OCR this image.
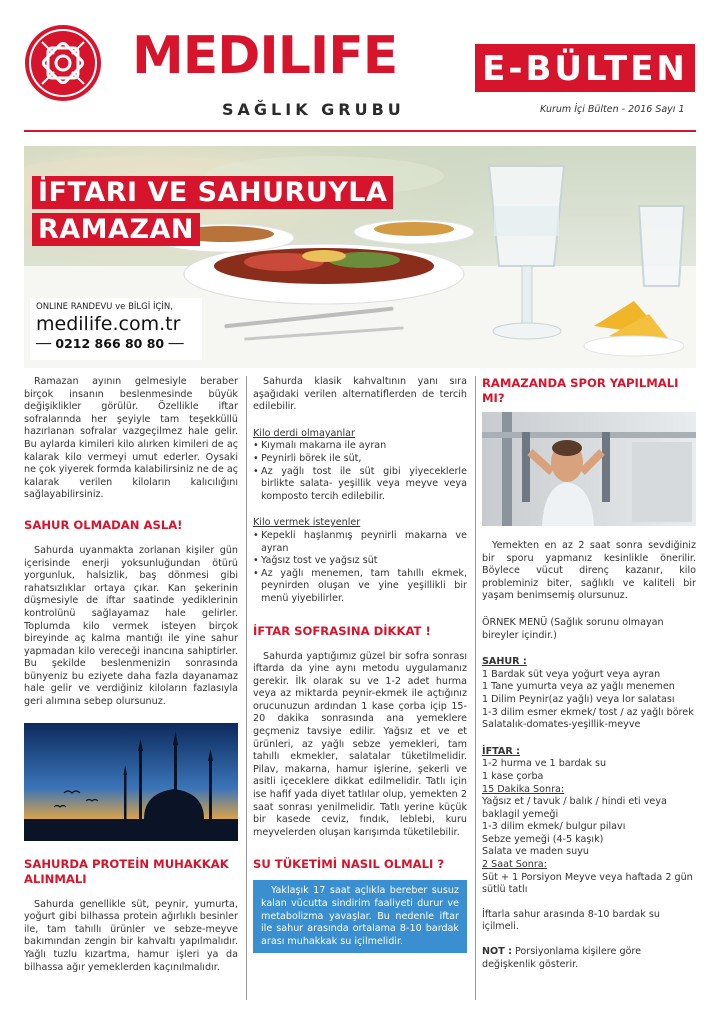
MEDILIFE
SAĞLIK GRUBU
E-BÜLTEN
Kurum İçi Bülten - 2016 Sayı 1
İFTARI VE SAHURUYLA
RAMAZAN
ONLINE RANDEVU ve BİLGİ İÇİN,
medilife.com.tr
── 0212 866 80 80 ──

Ramazan ayının gelmesiyle beraber birçok insanın beslenmesinde büyük değişiklikler görülür. Özellikle iftar sofralarında her şeyiyle tam teşekküllü hazırlanan sofralar vazgeçilmez hale gelir. Bu aylarda kimileri kilo alırken kimileri de aç kalarak kilo vermeyi umut ederler. Oysaki ne çok yiyerek formda kalabilirsiniz ne de aç kalarak verilen kiloların kalıcılığını sağlayabilirsiniz.

SAHUR OLMADAN ASLA!

Sahurda uyanmakta zorlanan kişiler gün içerisinde enerji yoksunluğundan ötürü yorgunluk, halsizlik, baş dönmesi gibi rahatsızlıklar ortaya çıkar. Kan şekerinin düşmesiyle de iftar saatinde yediklerinin kontrolünü sağlayamaz hale gelirler. Toplumda kilo vermek isteyen birçok bireyinde aç kalma mantığı ile yine sahur yapmadan kilo vereceği inancına sahiptirler. Bu şekilde beslenmenizin sonrasında bünyeniz bu eziyete daha fazla dayanamaz hale gelir ve verdiğiniz kiloların fazlasıyla geri alımına sebep olursunuz.

SAHURDA PROTEİN MUHAKKAK ALINMALI

Sahurda genellikle süt, peynir, yumurta, yoğurt gibi bilhassa protein ağırlıklı besinler ile, tam tahıllı ürünler ve sebze-meyve bakımından zengin bir kahvaltı yapılmalıdır. Yağlı tuzlu kızartma, hamur işleri ya da bilhassa ağır yemeklerden kaçınılmalıdır.

Sahurda klasik kahvaltının yanı sıra aşağıdaki verilen alternatiflerden de tercih edilebilir.

Kilo derdi olmayanlar
• Kıymalı makarna ile ayran
• Peynirli börek ile süt,
• Az yağlı tost ile süt gibi yiyeceklerle birlikte salata- yeşillik veya meyve veya komposto tercih edilebilir.
Kilo vermek isteyenler
• Kepekli haşlanmış peynirli makarna ve ayran
• Yağsız tost ve yağsız süt
• Az yağlı menemen, tam tahıllı ekmek, peynirden oluşan ve yine yeşillikli bir menü yiyebilirler.
İFTAR SOFRASINA DİKKAT !

Sahurda yaptığımız güzel bir sofra sonrası iftarda da yine aynı metodu uygulamanız gerekir. İlk olarak su ve 1-2 adet hurma veya az miktarda peynir-ekmek ile açtığınız orucunuzun ardından 1 kase çorba içip 15-20 dakika sonrasında ana yemeklere geçmeniz tavsiye edilir. Yağsız et ve et ürünleri, az yağlı sebze yemekleri, tam tahıllı ekmekler, salatalar tüketilmelidir. Pilav, makarna, hamur işlerine, şekerli ve asitli içeceklere dikkat edilmelidir. Tatlı için ise hafif yada diyet tatlılar olup, yemekten 2 saat sonrası yenilmelidir. Tatlı yerine küçük bir kasede ceviz, fındık, leblebi, kuru meyvelerden oluşan karışımda tüketilebilir.

SU TÜKETİMİ NASIL OLMALI ?

Yaklaşık 17 saat açlıkla bereber susuz kalan vücutta sindirim faaliyeti durur ve metabolizma yavaşlar. Bu nedenle iftar ile sahur arasında ortalama 8-10 bardak arası muhakkak su içilmelidir.

RAMAZANDA SPOR YAPILMALI MI?

Yemekten en az 2 saat sonra sevdiğiniz bir sporu yapmanız kesinlikle önerilir. Böylece vücut direnç kazanır, kilo probleminiz biter, sağlıklı ve kaliteli bir yaşam benimsemiş olursunuz.

ÖRNEK MENÜ (Sağlık sorunu olmayan bireyler içindir.)

SAHUR :
1 Bardak süt veya yoğurt veya ayran
1 Tane yumurta veya az yağlı menemen
1 Dilim Peynir(az yağlı) veya lor salatası
1-3 dilim esmer ekmek/ tost / az yağlı börek
Salatalık-domates-yeşillik-meyve
İFTAR :
1-2 hurma ve 1 bardak su
1 kase çorba
15 Dakika Sonra:
Yağsız et / tavuk / balık / hindi eti veya baklagil yemeği
1-3 dilim ekmek/ bulgur pilavı
Sebze yemeği (4-5 kaşık)
Salata ve maden suyu
2 Saat Sonra:
Süt + 1 Porsiyon Meyve veya haftada 2 gün sütlü tatlı
İftarla sahur arasında 8-10 bardak su içilmeli.
NOT : Porsiyonlama kişilere göre değişkenlik gösterir.
